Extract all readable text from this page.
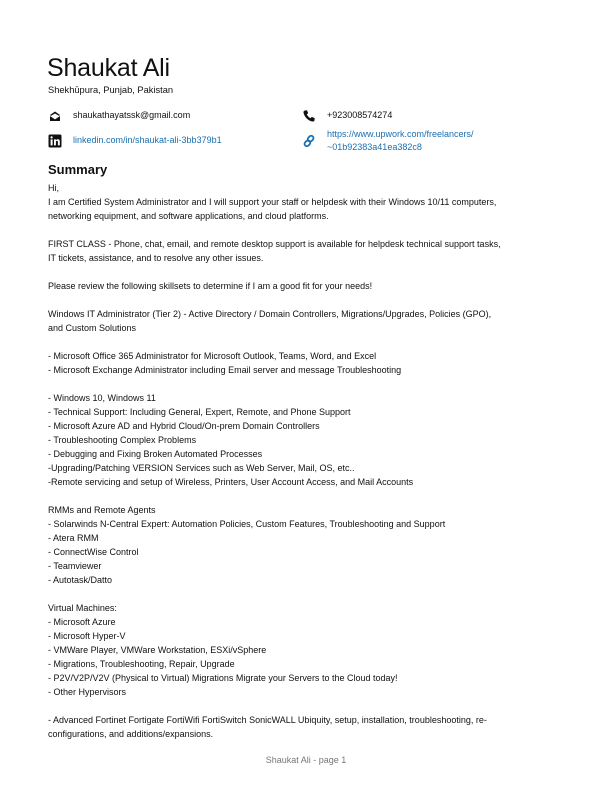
Shaukat Ali
Shekhūpura, Punjab, Pakistan
shaukathayatssk@gmail.com
linkedin.com/in/shaukat-ali-3bb379b1
+923008574274
https://www.upwork.com/freelancers/
~01b92383a41ea382c8
Summary

Hi,

I am Certified System Administrator and I will support your staff or helpdesk with their Windows 10/11 computers,

networking equipment, and software applications, and cloud platforms.

FIRST CLASS - Phone, chat, email, and remote desktop support is available for helpdesk technical support tasks,

IT tickets, assistance, and to resolve any other issues.

Please review the following skillsets to determine if I am a good fit for your needs!

Windows IT Administrator (Tier 2) - Active Directory / Domain Controllers, Migrations/Upgrades, Policies (GPO),

and Custom Solutions

- Microsoft Office 365 Administrator for Microsoft Outlook, Teams, Word, and Excel

- Microsoft Exchange Administrator including Email server and message Troubleshooting

- Windows 10, Windows 11

- Technical Support: Including General, Expert, Remote, and Phone Support

- Microsoft Azure AD and Hybrid Cloud/On-prem Domain Controllers

- Troubleshooting Complex Problems

- Debugging and Fixing Broken Automated Processes

-Upgrading/Patching VERSION Services such as Web Server, Mail, OS, etc..

-Remote servicing and setup of Wireless, Printers, User Account Access, and Mail Accounts

RMMs and Remote Agents

- Solarwinds N-Central Expert: Automation Policies, Custom Features, Troubleshooting and Support

- Atera RMM

- ConnectWise Control

- Teamviewer

- Autotask/Datto

Virtual Machines:

- Microsoft Azure

- Microsoft Hyper-V

- VMWare Player, VMWare Workstation, ESXi/vSphere

- Migrations, Troubleshooting, Repair, Upgrade

- P2V/V2P/V2V (Physical to Virtual) Migrations Migrate your Servers to the Cloud today!

- Other Hypervisors

- Advanced Fortinet Fortigate FortiWifi FortiSwitch SonicWALL Ubiquity, setup, installation, troubleshooting, re-

configurations, and additions/expansions.

Shaukat Ali - page 1
